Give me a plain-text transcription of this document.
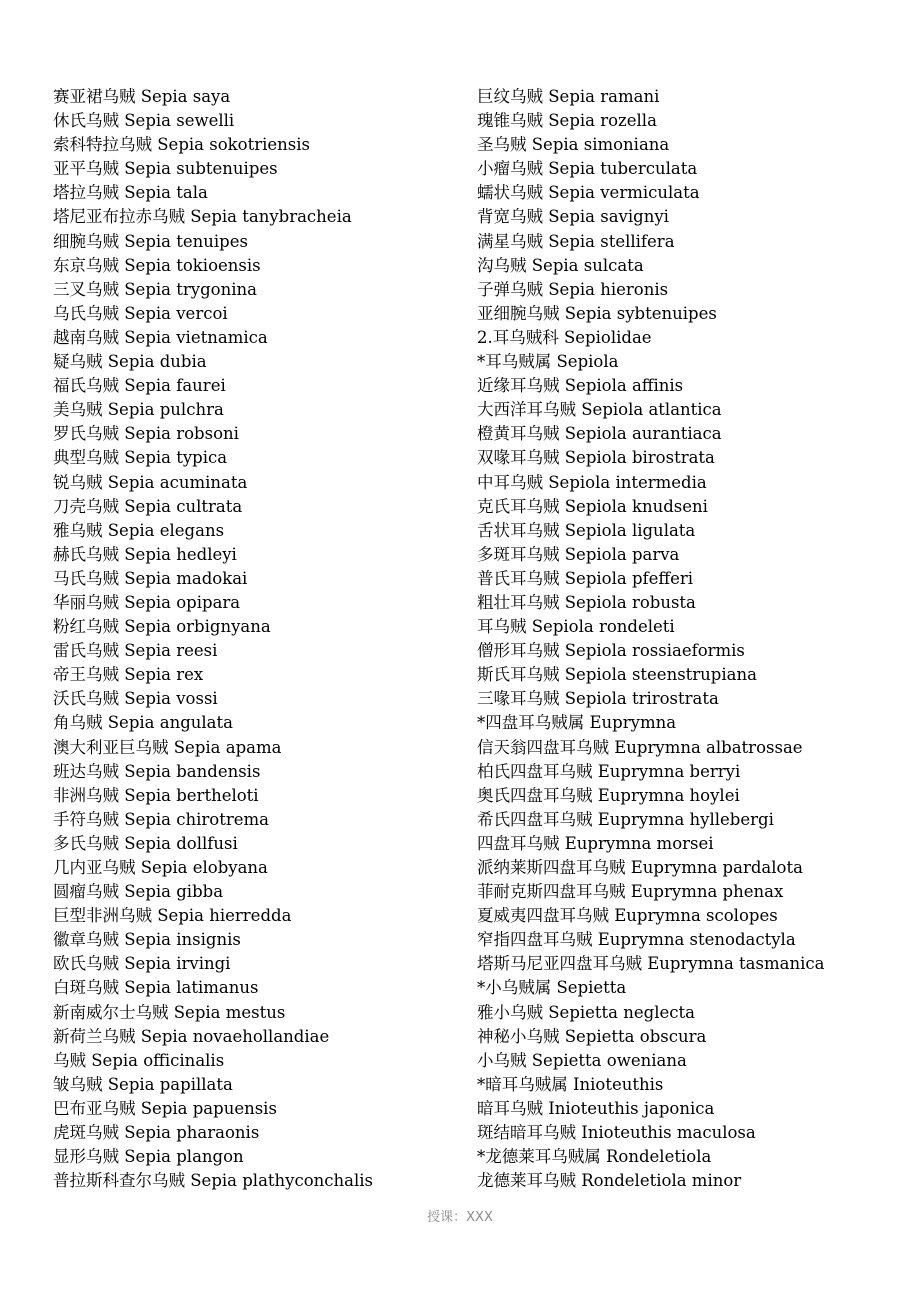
赛亚裙乌贼 Sepia saya
休氏乌贼 Sepia sewelli
索科特拉乌贼 Sepia sokotriensis
亚平乌贼 Sepia subtenuipes
塔拉乌贼 Sepia tala
塔尼亚布拉赤乌贼 Sepia tanybracheia
细腕乌贼 Sepia tenuipes
东京乌贼 Sepia tokioensis
三叉乌贼 Sepia trygonina
乌氏乌贼 Sepia vercoi
越南乌贼 Sepia vietnamica
疑乌贼 Sepia dubia
福氏乌贼 Sepia faurei
美乌贼 Sepia pulchra
罗氏乌贼 Sepia robsoni
典型乌贼 Sepia typica
锐乌贼 Sepia acuminata
刀壳乌贼 Sepia cultrata
雅乌贼 Sepia elegans
赫氏乌贼 Sepia hedleyi
马氏乌贼 Sepia madokai
华丽乌贼 Sepia opipara
粉红乌贼 Sepia orbignyana
雷氏乌贼 Sepia reesi
帝王乌贼 Sepia rex
沃氏乌贼 Sepia vossi
角乌贼 Sepia angulata
澳大利亚巨乌贼 Sepia apama
班达乌贼 Sepia bandensis
非洲乌贼 Sepia bertheloti
手符乌贼 Sepia chirotrema
多氏乌贼 Sepia dollfusi
几内亚乌贼 Sepia elobyana
圆瘤乌贼 Sepia gibba
巨型非洲乌贼 Sepia hierredda
徽章乌贼 Sepia insignis
欧氏乌贼 Sepia irvingi
白斑乌贼 Sepia latimanus
新南威尔士乌贼 Sepia mestus
新荷兰乌贼 Sepia novaehollandiae
乌贼 Sepia officinalis
皱乌贼 Sepia papillata
巴布亚乌贼 Sepia papuensis
虎斑乌贼 Sepia pharaonis
显形乌贼 Sepia plangon
普拉斯科查尔乌贼 Sepia plathyconchalis
巨纹乌贼 Sepia ramani
瑰锥乌贼 Sepia rozella
圣乌贼 Sepia simoniana
小瘤乌贼 Sepia tuberculata
蠕状乌贼 Sepia vermiculata
背宽乌贼 Sepia savignyi
满星乌贼 Sepia stellifera
沟乌贼 Sepia sulcata
子弹乌贼 Sepia hieronis
亚细腕乌贼 Sepia sybtenuipes
2.耳乌贼科 Sepiolidae
*耳乌贼属 Sepiola
近缘耳乌贼 Sepiola affinis
大西洋耳乌贼 Sepiola atlantica
橙黄耳乌贼 Sepiola aurantiaca
双喙耳乌贼 Sepiola birostrata
中耳乌贼 Sepiola intermedia
克氏耳乌贼 Sepiola knudseni
舌状耳乌贼 Sepiola ligulata
多斑耳乌贼 Sepiola parva
普氏耳乌贼 Sepiola pfefferi
粗壮耳乌贼 Sepiola robusta
耳乌贼 Sepiola rondeleti
僧形耳乌贼 Sepiola rossiaeformis
斯氏耳乌贼 Sepiola steenstrupiana
三喙耳乌贼 Sepiola trirostrata
*四盘耳乌贼属 Euprymna
信天翁四盘耳乌贼 Euprymna albatrossae
柏氏四盘耳乌贼 Euprymna berryi
奥氏四盘耳乌贼 Euprymna hoylei
希氏四盘耳乌贼 Euprymna hyllebergi
四盘耳乌贼 Euprymna morsei
派纳莱斯四盘耳乌贼 Euprymna pardalota
菲耐克斯四盘耳乌贼 Euprymna phenax
夏威夷四盘耳乌贼 Euprymna scolopes
窄指四盘耳乌贼 Euprymna stenodactyla
塔斯马尼亚四盘耳乌贼 Euprymna tasmanica
*小乌贼属 Sepietta
雅小乌贼 Sepietta neglecta
神秘小乌贼 Sepietta obscura
小乌贼 Sepietta oweniana
*暗耳乌贼属 Inioteuthis
暗耳乌贼 Inioteuthis japonica
斑结暗耳乌贼 Inioteuthis maculosa
*龙德莱耳乌贼属 Rondeletiola
龙德莱耳乌贼 Rondeletiola minor
授课：XXX
